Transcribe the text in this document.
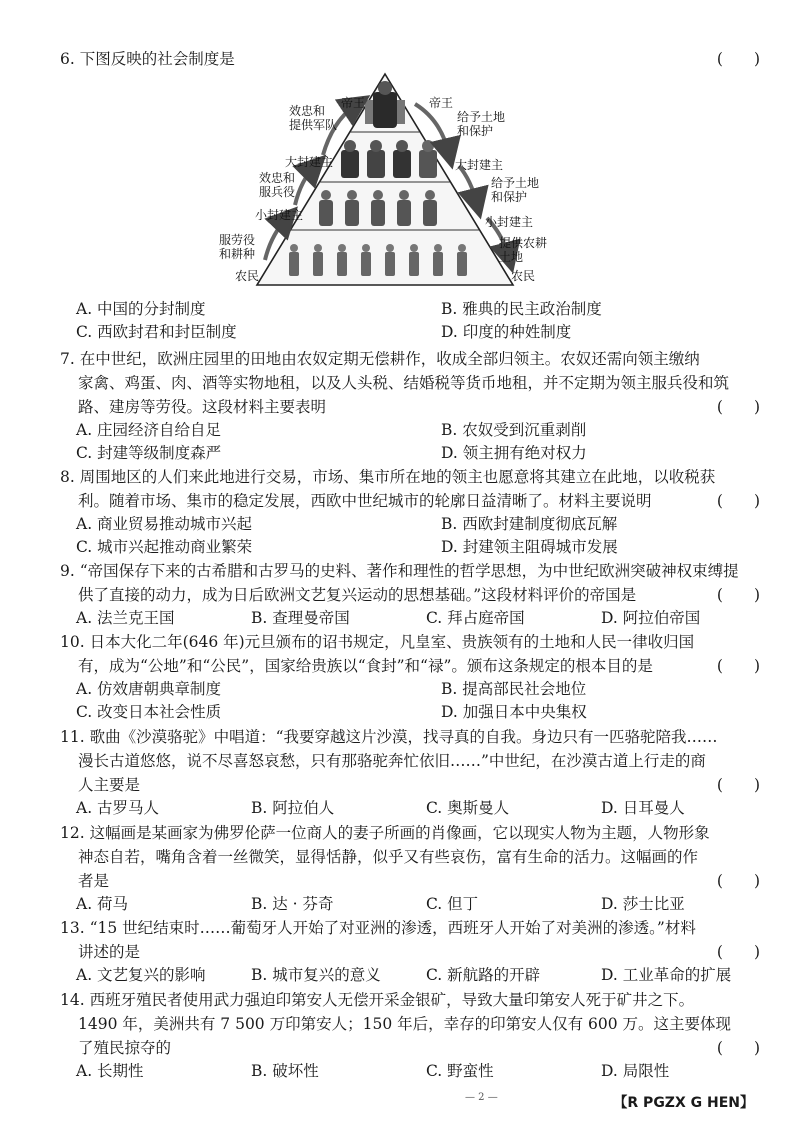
6. 下图反映的社会制度是	(　　)
效忠和
提供军队
帝王
大封建主
效忠和
服兵役
小封建主
服劳役
和耕种
农民
帝王
给予土地
和保护
大封建主
给予土地
和保护
小封建主
提供农耕
土地
农民
A. 中国的分封制度	B. 雅典的民主政治制度
C. 西欧封君和封臣制度	D. 印度的种姓制度
7. 在中世纪，欧洲庄园里的田地由农奴定期无偿耕作，收成全部归领主。农奴还需向领主缴纳
家禽、鸡蛋、肉、酒等实物地租，以及人头税、结婚税等货币地租，并不定期为领主服兵役和筑
路、建房等劳役。这段材料主要表明	(　　)
A. 庄园经济自给自足	B. 农奴受到沉重剥削
C. 封建等级制度森严	D. 领主拥有绝对权力
8. 周围地区的人们来此地进行交易，市场、集市所在地的领主也愿意将其建立在此地，以收税获
利。随着市场、集市的稳定发展，西欧中世纪城市的轮廓日益清晰了。材料主要说明	(　　)
A. 商业贸易推动城市兴起	B. 西欧封建制度彻底瓦解
C. 城市兴起推动商业繁荣	D. 封建领主阻碍城市发展
9. “帝国保存下来的古希腊和古罗马的史料、著作和理性的哲学思想，为中世纪欧洲突破神权束缚提
供了直接的动力，成为日后欧洲文艺复兴运动的思想基础。”这段材料评价的帝国是	(　　)
A. 法兰克王国	B. 查理曼帝国	C. 拜占庭帝国	D. 阿拉伯帝国
10. 日本大化二年(646 年)元旦颁布的诏书规定，凡皇室、贵族领有的土地和人民一律收归国
有，成为“公地”和“公民”，国家给贵族以“食封”和“禄”。颁布这条规定的根本目的是	(　　)
A. 仿效唐朝典章制度	B. 提高部民社会地位
C. 改变日本社会性质	D. 加强日本中央集权
11. 歌曲《沙漠骆驼》中唱道：“我要穿越这片沙漠，找寻真的自我。身边只有一匹骆驼陪我……
漫长古道悠悠，说不尽喜怒哀愁，只有那骆驼奔忙依旧……”中世纪，在沙漠古道上行走的商
人主要是	(　　)
A. 古罗马人	B. 阿拉伯人	C. 奥斯曼人	D. 日耳曼人
12. 这幅画是某画家为佛罗伦萨一位商人的妻子所画的肖像画，它以现实人物为主题，人物形象
神态自若，嘴角含着一丝微笑，显得恬静，似乎又有些哀伤，富有生命的活力。这幅画的作
者是	(　　)
A. 荷马	B. 达 · 芬奇	C. 但丁	D. 莎士比亚
13. “15 世纪结束时……葡萄牙人开始了对亚洲的渗透，西班牙人开始了对美洲的渗透。”材料
讲述的是	(　　)
A. 文艺复兴的影响	B. 城市复兴的意义	C. 新航路的开辟	D. 工业革命的扩展
14. 西班牙殖民者使用武力强迫印第安人无偿开采金银矿，导致大量印第安人死于矿井之下。
1490 年，美洲共有 7 500 万印第安人；150 年后，幸存的印第安人仅有 600 万。这主要体现
了殖民掠夺的	(　　)
A. 长期性	B. 破坏性	C. 野蛮性	D. 局限性
— 2 —	【R PGZX G HEN】
